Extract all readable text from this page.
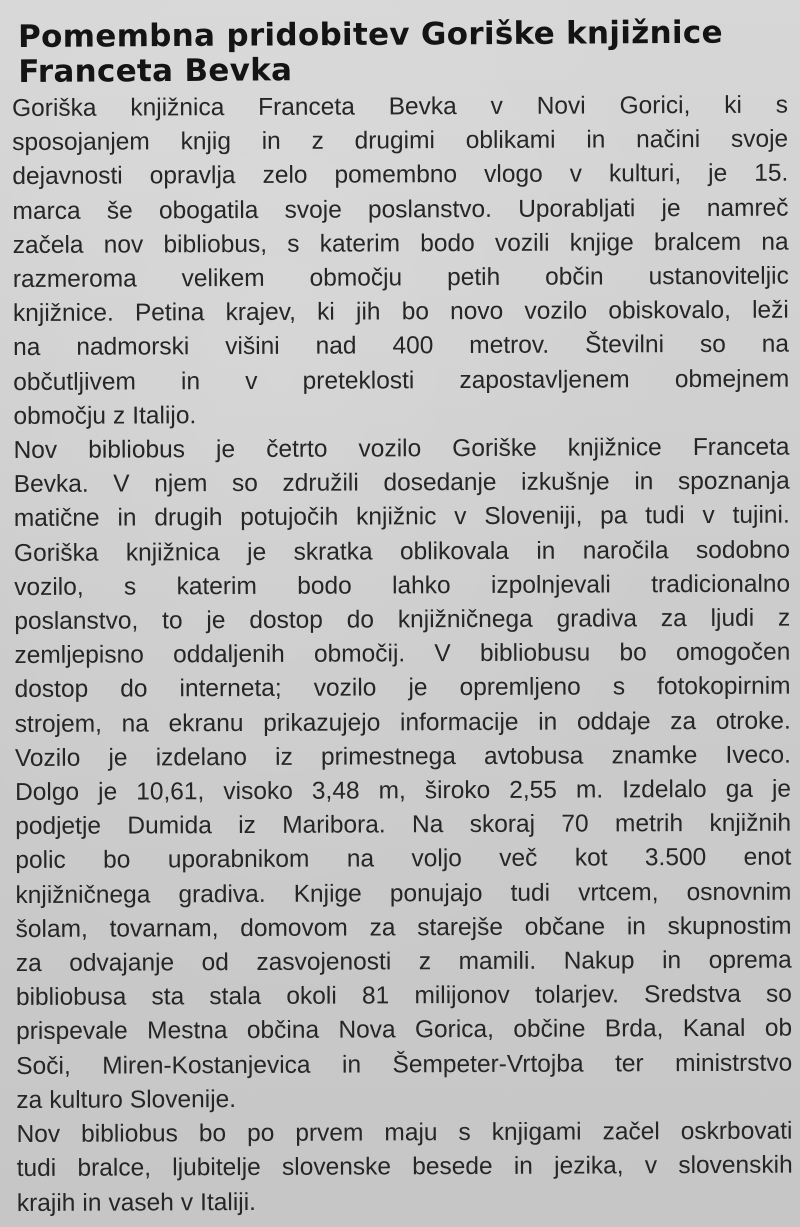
Pomembna pridobitev Goriške knjižnice
Franceta Bevka
Goriška knjižnica Franceta Bevka v Novi Gorici, ki s
sposojanjem knjig in z drugimi oblikami in načini svoje
dejavnosti opravlja zelo pomembno vlogo v kulturi, je 15.
marca še obogatila svoje poslanstvo. Uporabljati je namreč
začela nov bibliobus, s katerim bodo vozili knjige bralcem na
razmeroma velikem območju petih občin ustanoviteljic
knjižnice. Petina krajev, ki jih bo novo vozilo obiskovalo, leži
na nadmorski višini nad 400 metrov. Številni so na
občutljivem in v preteklosti zapostavljenem obmejnem
območju z Italijo.
Nov bibliobus je četrto vozilo Goriške knjižnice Franceta
Bevka. V njem so združili dosedanje izkušnje in spoznanja
matične in drugih potujočih knjižnic v Sloveniji, pa tudi v tujini.
Goriška knjižnica je skratka oblikovala in naročila sodobno
vozilo, s katerim bodo lahko izpolnjevali tradicionalno
poslanstvo, to je dostop do knjižničnega gradiva za ljudi z
zemljepisno oddaljenih območij. V bibliobusu bo omogočen
dostop do interneta; vozilo je opremljeno s fotokopirnim
strojem, na ekranu prikazujejo informacije in oddaje za otroke.
Vozilo je izdelano iz primestnega avtobusa znamke Iveco.
Dolgo je 10,61, visoko 3,48 m, široko 2,55 m. Izdelalo ga je
podjetje Dumida iz Maribora. Na skoraj 70 metrih knjižnih
polic bo uporabnikom na voljo več kot 3.500 enot
knjižničnega gradiva. Knjige ponujajo tudi vrtcem, osnovnim
šolam, tovarnam, domovom za starejše občane in skupnostim
za odvajanje od zasvojenosti z mamili. Nakup in oprema
bibliobusa sta stala okoli 81 milijonov tolarjev. Sredstva so
prispevale Mestna občina Nova Gorica, občine Brda, Kanal ob
Soči, Miren-Kostanjevica in Šempeter-Vrtojba ter ministrstvo
za kulturo Slovenije.
Nov bibliobus bo po prvem maju s knjigami začel oskrbovati
tudi bralce, ljubitelje slovenske besede in jezika, v slovenskih
krajih in vaseh v Italiji.
